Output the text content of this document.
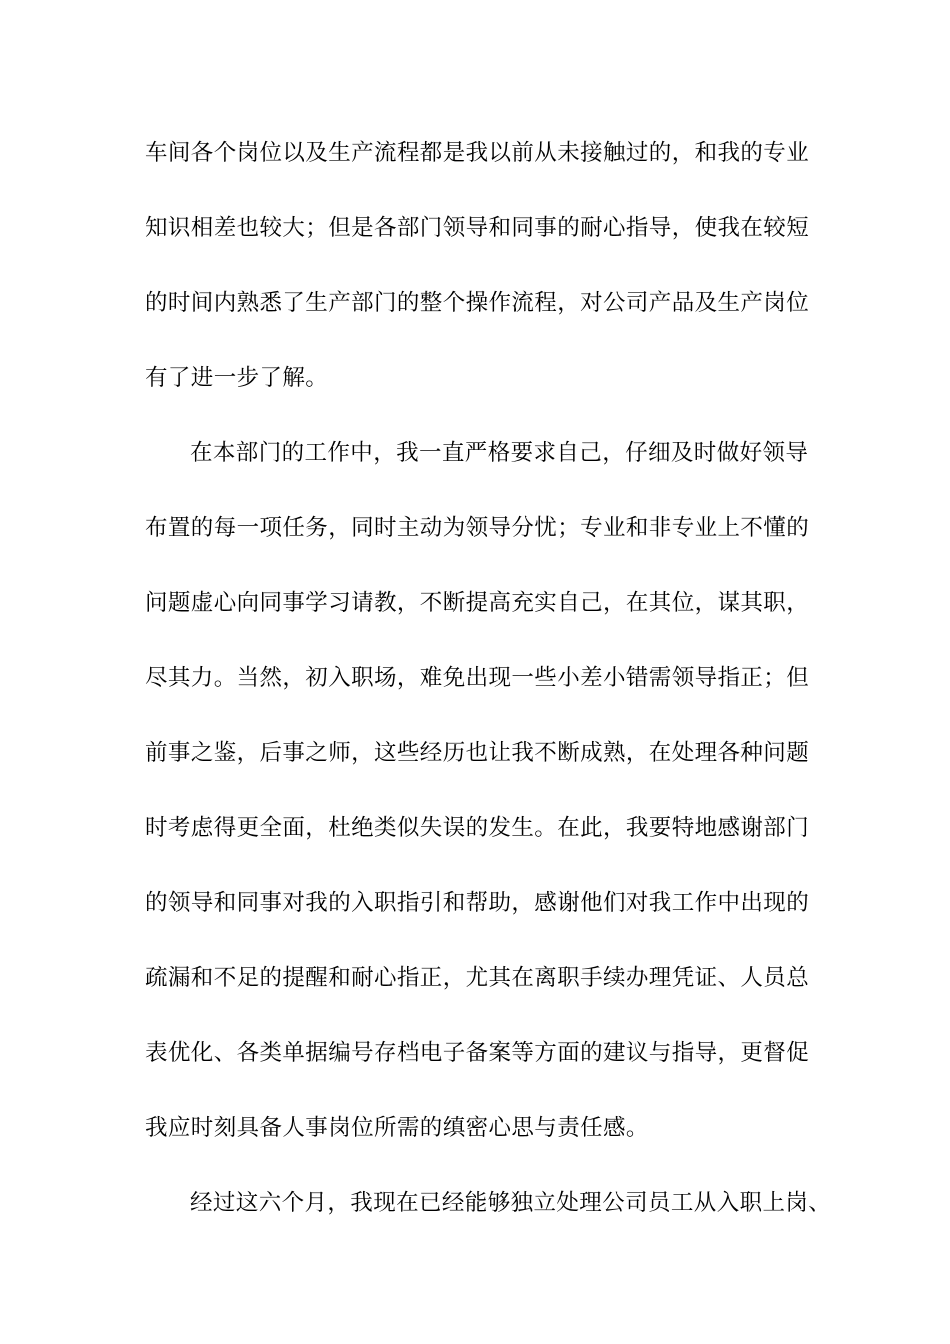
车间各个岗位以及生产流程都是我以前从未接触过的，和我的专业
知识相差也较大；但是各部门领导和同事的耐心指导，使我在较短
的时间内熟悉了生产部门的整个操作流程，对公司产品及生产岗位
有了进一步了解。
在本部门的工作中，我一直严格要求自己，仔细及时做好领导
布置的每一项任务，同时主动为领导分忧；专业和非专业上不懂的
问题虚心向同事学习请教，不断提高充实自己，在其位，谋其职，
尽其力。当然，初入职场，难免出现一些小差小错需领导指正；但
前事之鉴，后事之师，这些经历也让我不断成熟，在处理各种问题
时考虑得更全面，杜绝类似失误的发生。在此，我要特地感谢部门
的领导和同事对我的入职指引和帮助，感谢他们对我工作中出现的
疏漏和不足的提醒和耐心指正，尤其在离职手续办理凭证、人员总
表优化、各类单据编号存档电子备案等方面的建议与指导，更督促
我应时刻具备人事岗位所需的缜密心思与责任感。
经过这六个月，我现在已经能够独立处理公司员工从入职上岗、
